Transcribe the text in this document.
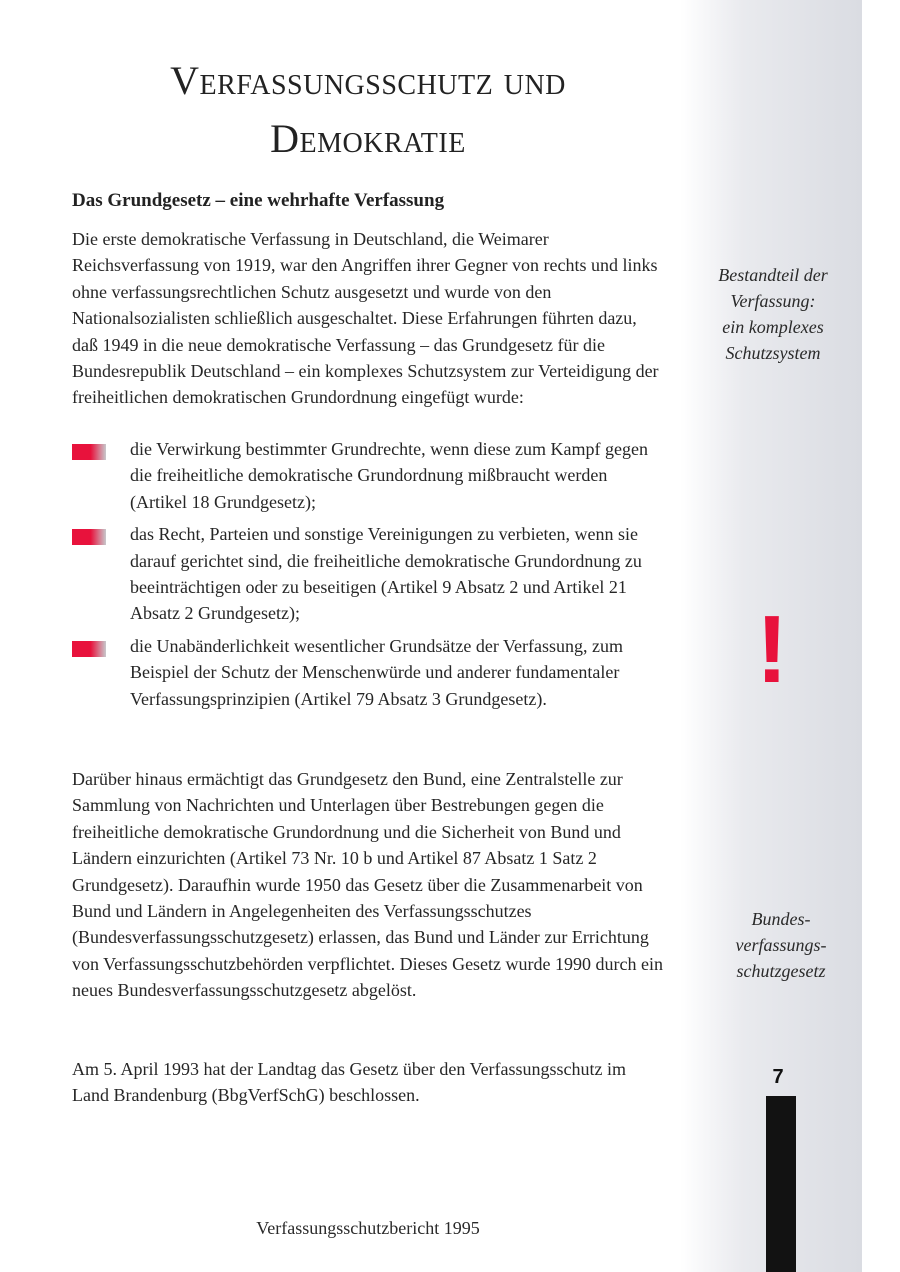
Verfassungsschutz und
Demokratie
Das Grundgesetz – eine wehrhafte Verfassung

Die erste demokratische Verfassung in Deutschland, die Weimarer Reichsverfassung von 1919, war den Angriffen ihrer Gegner von rechts und links ohne verfassungsrechtlichen Schutz ausgesetzt und wurde von den Nationalsozialisten schließlich ausgeschaltet. Diese Erfahrungen führten dazu, daß 1949 in die neue demokratische Verfassung – das Grundgesetz für die Bundesrepublik Deutschland – ein komplexes Schutzsystem zur Verteidigung der freiheitlichen demokratischen Grundordnung eingefügt wurde:

die Verwirkung bestimmter Grundrechte, wenn diese zum Kampf gegen die freiheitliche demokratische Grundordnung mißbraucht werden (Artikel 18 Grundgesetz);
das Recht, Parteien und sonstige Vereinigungen zu verbieten, wenn sie darauf gerichtet sind, die freiheitliche demokratische Grundordnung zu beeinträchtigen oder zu beseitigen (Artikel 9 Absatz 2 und Artikel 21 Absatz 2 Grundgesetz);
die Unabänderlichkeit wesentlicher Grundsätze der Verfassung, zum Beispiel der Schutz der Menschenwürde und anderer fundamentaler Verfassungsprinzipien (Artikel 79 Absatz 3 Grundgesetz).

Darüber hinaus ermächtigt das Grundgesetz den Bund, eine Zentralstelle zur Sammlung von Nachrichten und Unterlagen über Bestrebungen gegen die freiheitliche demokratische Grundordnung und die Sicherheit von Bund und Ländern einzurichten (Artikel 73 Nr. 10 b und Artikel 87 Absatz 1 Satz 2 Grundgesetz). Daraufhin wurde 1950 das Gesetz über die Zusammenarbeit von Bund und Ländern in Angelegenheiten des Verfassungsschutzes (Bundesverfassungsschutzgesetz) erlassen, das Bund und Länder zur Errichtung von Verfassungsschutzbehörden verpflichtet. Dieses Gesetz wurde 1990 durch ein neues Bundesverfassungsschutzgesetz abgelöst.

Am 5. April 1993 hat der Landtag das Gesetz über den Verfassungsschutz im Land Brandenburg (BbgVerfSchG) beschlossen.

Bestandteil der
Verfassung:
ein komplexes
Schutzsystem
!
Bundes-
verfassungs-
schutzgesetz
7
Verfassungsschutzbericht 1995
